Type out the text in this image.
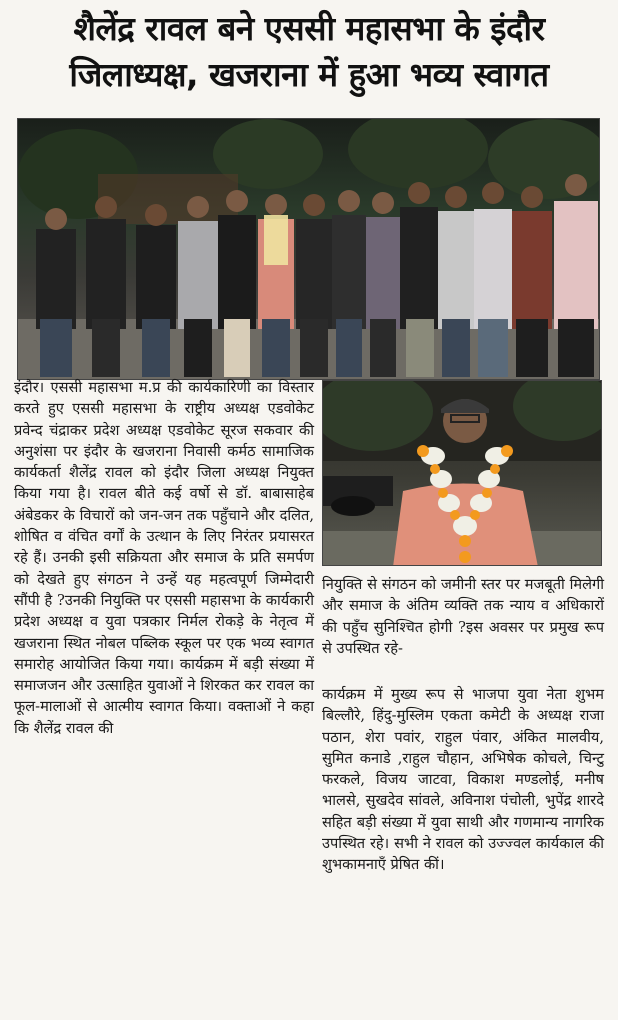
शैलेंद्र रावल बने एससी महासभा के इंदौर
जिलाध्यक्ष, खजराना में हुआ भव्य स्वागत

इंदौर। एससी महासभा म.प्र की कार्यकारिणी का विस्तार करते हुए एससी महासभा के राष्ट्रीय अध्यक्ष एडवोकेट प्रवेन्द चंद्राकर प्रदेश अध्यक्ष एडवोकेट सूरज सकवार की अनुशंसा पर इंदौर के खजराना निवासी कर्मठ सामाजिक कार्यकर्ता शैलेंद्र रावल को इंदौर जिला अध्यक्ष नियुक्त किया गया है। रावल बीते कई वर्षो से डॉ. बाबासाहेब अंबेडकर के विचारों को जन-जन तक पहुँचाने और दलित, शोषित व वंचित वर्गों के उत्थान के लिए निरंतर प्रयासरत रहे हैं। उनकी इसी सक्रियता और समाज के प्रति समर्पण को देखते हुए संगठन ने उन्हें यह महत्वपूर्ण जिम्मेदारी सौंपी है ?उनकी नियुक्ति पर एससी महासभा के कार्यकारी प्रदेश अध्यक्ष व युवा पत्रकार निर्मल रोकड़े के नेतृत्व में खजराना स्थित नोबल पब्लिक स्कूल पर एक भव्य स्वागत समारोह आयोजित किया गया। कार्यक्रम में बड़ी संख्या में समाजजन और उत्साहित युवाओं ने शिरकत कर रावल का फूल-मालाओं से आत्मीय स्वागत किया। वक्ताओं ने कहा कि शैलेंद्र रावल की

नियुक्ति से संगठन को जमीनी स्तर पर मजबूती मिलेगी और समाज के अंतिम व्यक्ति तक न्याय व अधिकारों की पहुँच सुनिश्चित होगी ?इस अवसर पर प्रमुख रूप से उपस्थित रहे-

कार्यक्रम में मुख्य रूप से भाजपा युवा नेता शुभम बिल्लौरे, हिंदु-मुस्लिम एकता कमेटी के अध्यक्ष राजा पठान, शेरा पवांर, राहुल पंवार, अंकित मालवीय, सुमित कनाडे ,राहुल चौहान, अभिषेक कोचले, चिन्टु फरकले, विजय जाटवा, विकाश मण्डलोई, मनीष भालसे, सुखदेव सांवले, अविनाश पंचोली, भुपेंद्र शारदे सहित बड़ी संख्या में युवा साथी और गणमान्य नागरिक उपस्थित रहे। सभी ने रावल को उज्ज्वल कार्यकाल की शुभकामनाएँ प्रेषित कीं।
